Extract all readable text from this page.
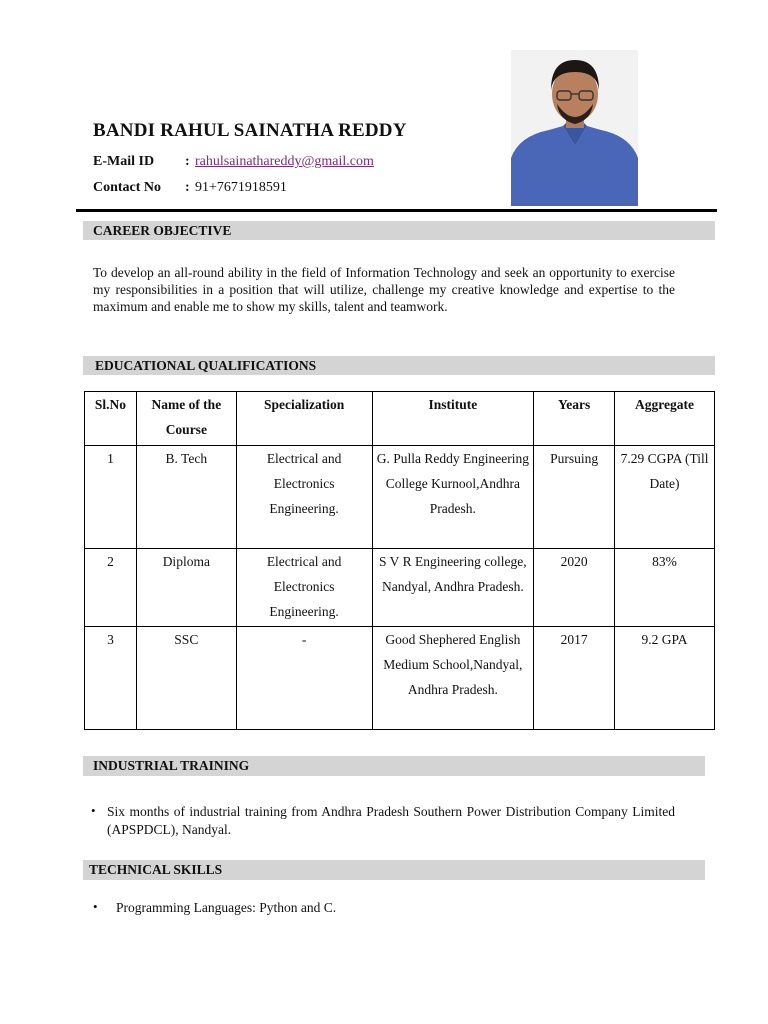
BANDI RAHUL SAINATHA REDDY
E-Mail ID : rahulsainathareddy@gmail.com
Contact No : 91+7671918591
CAREER OBJECTIVE
To develop an all-round ability in the field of Information Technology and seek an opportunity to exercise my responsibilities in a position that will utilize, challenge my creative knowledge and expertise to the maximum and enable me to show my skills, talent and teamwork.
EDUCATIONAL QUALIFICATIONS
Sl.No	Name of the Course	Specialization	Institute	Years	Aggregate
1	B. Tech	Electrical and Electronics Engineering.	G. Pulla Reddy Engineering College Kurnool,Andhra Pradesh.	Pursuing	7.29 CGPA (Till Date)
2	Diploma	Electrical and Electronics Engineering.	S V R Engineering college, Nandyal, Andhra Pradesh.	2020	83%
3	SSC	-	Good Shephered English Medium School,Nandyal, Andhra Pradesh.	2017	9.2 GPA
INDUSTRIAL TRAINING
• Six months of industrial training from Andhra Pradesh Southern Power Distribution Company Limited (APSPDCL), Nandyal.
TECHNICAL SKILLS
• Programming Languages: Python and C.
